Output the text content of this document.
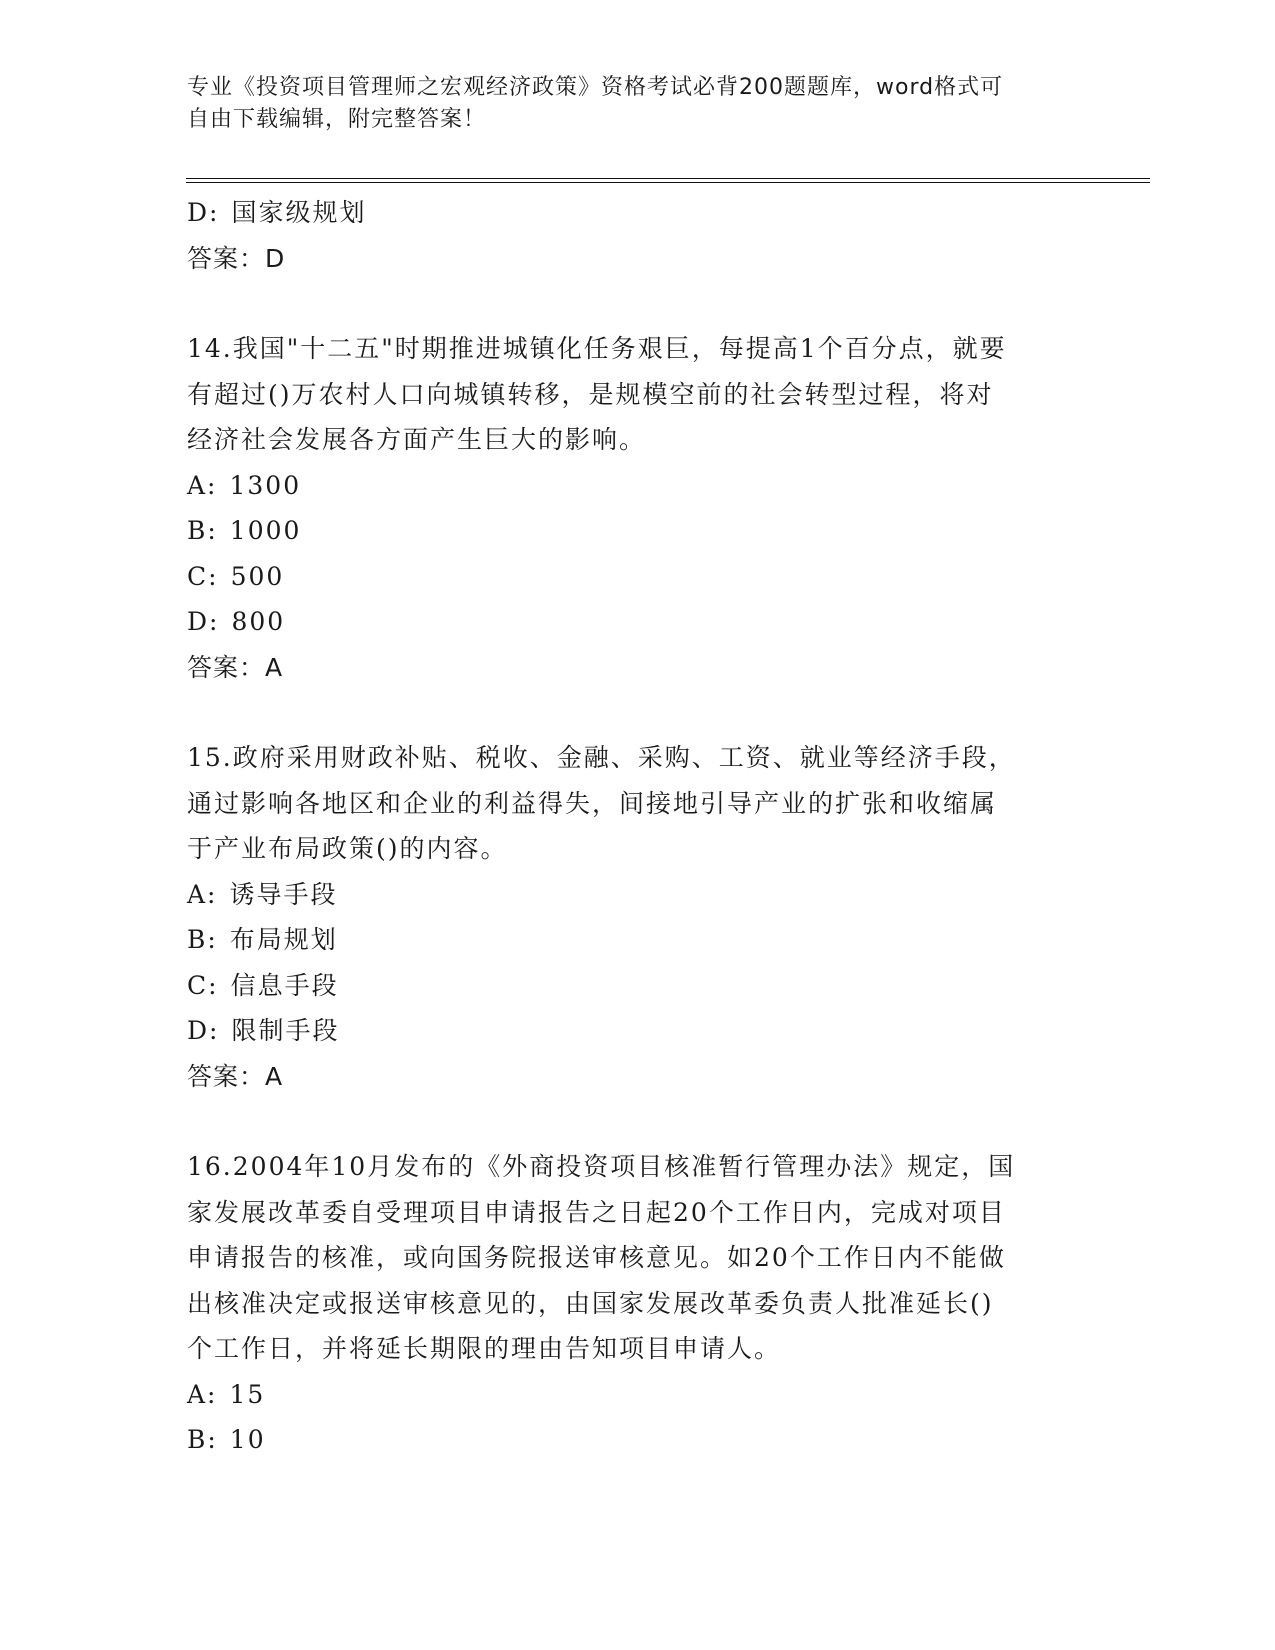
专业《投资项目管理师之宏观经济政策》资格考试必背200题题库，word格式可
自由下载编辑，附完整答案！
D: 国家级规划
答案：D
14.我国"十二五"时期推进城镇化任务艰巨，每提高1个百分点，就要
有超过()万农村人口向城镇转移，是规模空前的社会转型过程，将对
经济社会发展各方面产生巨大的影响。
A: 1300
B: 1000
C: 500
D: 800
答案：A
15.政府采用财政补贴、税收、金融、采购、工资、就业等经济手段，
通过影响各地区和企业的利益得失，间接地引导产业的扩张和收缩属
于产业布局政策()的内容。
A: 诱导手段
B: 布局规划
C: 信息手段
D: 限制手段
答案：A
16.2004年10月发布的《外商投资项目核准暂行管理办法》规定，国
家发展改革委自受理项目申请报告之日起20个工作日内，完成对项目
申请报告的核准，或向国务院报送审核意见。如20个工作日内不能做
出核准决定或报送审核意见的，由国家发展改革委负责人批准延长()
个工作日，并将延长期限的理由告知项目申请人。
A: 15
B: 10
